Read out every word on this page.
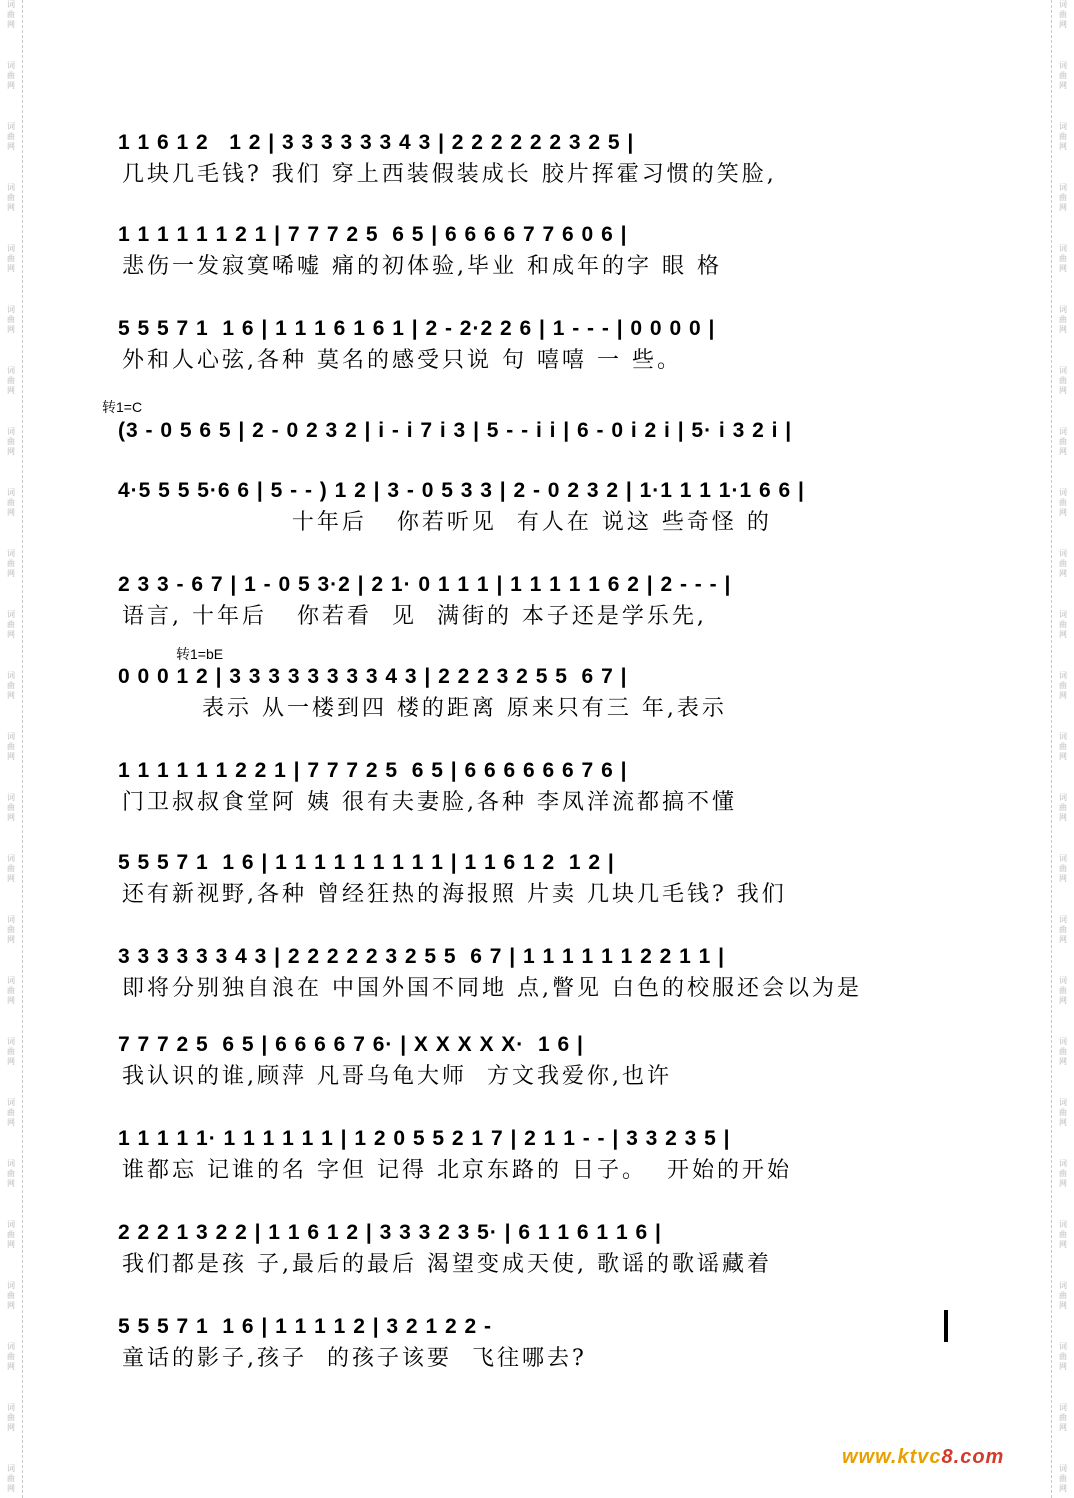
词
曲
网
词
曲
网
词
曲
网
词
曲
网
词
曲
网
词
曲
网
词
曲
网
词
曲
网
词
曲
网
词
曲
网
词
曲
网
词
曲
网
词
曲
网
词
曲
网
词
曲
网
词
曲
网
词
曲
网
词
曲
网
词
曲
网
词
曲
网
词
曲
网
词
曲
网
词
曲
网
词
曲
网
词
曲
网
词
曲
网
词
曲
网
词
曲
网
词
曲
网
词
曲
网
词
曲
网
词
曲
网
词
曲
网
词
曲
网
词
曲
网
词
曲
网
词
曲
网
词
曲
网
词
曲
网
词
曲
网
词
曲
网
词
曲
网
词
曲
网
词
曲
网
词
曲
网
词
曲
网
词
曲
网
词
曲
网
词
曲
网
词
曲
网
1 1 6 1 2   1 2 | 3 3 3 3 3 3 4 3 | 2 2 2 2 2 2 3 2 5 |
几块几毛钱? 我们 穿上西装假装成长 胶片挥霍习惯的笑脸,
1 1 1 1 1 1 2 1 | 7 7 7 2 5  6 5 | 6 6 6 6 7 7 6 0 6 |
悲伤一发寂寞唏嘘 痛的初体验,毕业 和成年的字 眼 格
5 5 5 7 1  1 6 | 1 1 1 6 1 6 1 | 2 - 2·2 2 6 | 1 - - - | 0 0 0 0 |
外和人心弦,各种 莫名的感受只说 句 嘻嘻 一 些。
转1=C
(3 - 0 5 6 5 | 2 - 0 2 3 2 | i - i 7 i 3 | 5 - - i i | 6 - 0 i 2 i | 5· i 3 2 i |
4·5 5 5 5·6 6 | 5 - - ) 1 2 | 3 - 0 5 3 3 | 2 - 0 2 3 2 | 1·1 1 1 1·1 6 6 |
十年后   你若听见  有人在 说这 些奇怪 的
2 3 3 - 6 7 | 1 - 0 5 3·2 | 2 1· 0 1 1 1 | 1 1 1 1 1 6 2 | 2 - - - |
语言, 十年后   你若看  见  满街的 本子还是学乐先,
转1=bE
0 0 0 1 2 | 3 3 3 3 3 3 3 3 4 3 | 2 2 2 3 2 5 5  6 7 |
表示 从一楼到四 楼的距离 原来只有三 年,表示
1 1 1 1 1 1 2 2 1 | 7 7 7 2 5  6 5 | 6 6 6 6 6 6 7 6 |
门卫叔叔食堂阿 姨 很有夫妻脸,各种 李凤洋流都搞不懂
5 5 5 7 1  1 6 | 1 1 1 1 1 1 1 1 1 | 1 1 6 1 2  1 2 |
还有新视野,各种 曾经狂热的海报照 片卖 几块几毛钱? 我们
3 3 3 3 3 3 4 3 | 2 2 2 2 2 3 2 5 5  6 7 | 1 1 1 1 1 1 2 2 1 1 |
即将分别独自浪在 中国外国不同地 点,瞥见 白色的校服还会以为是
7 7 7 2 5  6 5 | 6 6 6 6 7 6· | X X X X X·  1 6 |
我认识的谁,顾萍 凡哥乌龟大师  方文我爱你,也许
1 1 1 1 1· 1 1 1 1 1 1 | 1 2 0 5 5 2 1 7 | 2 1 1 - - | 3 3 2 3 5 |
谁都忘 记谁的名 字但 记得 北京东路的 日子。  开始的开始
2 2 2 1 3 2 2 | 1 1 6 1 2 | 3 3 3 2 3 5· | 6 1 1 6 1 1 6 |
我们都是孩 子,最后的最后 渴望变成天使, 歌谣的歌谣藏着
5 5 5 7 1  1 6 | 1 1 1 1 2 | 3 2 1 2 2 -
童话的影子,孩子  的孩子该要  飞往哪去?
www.ktvc8.com
